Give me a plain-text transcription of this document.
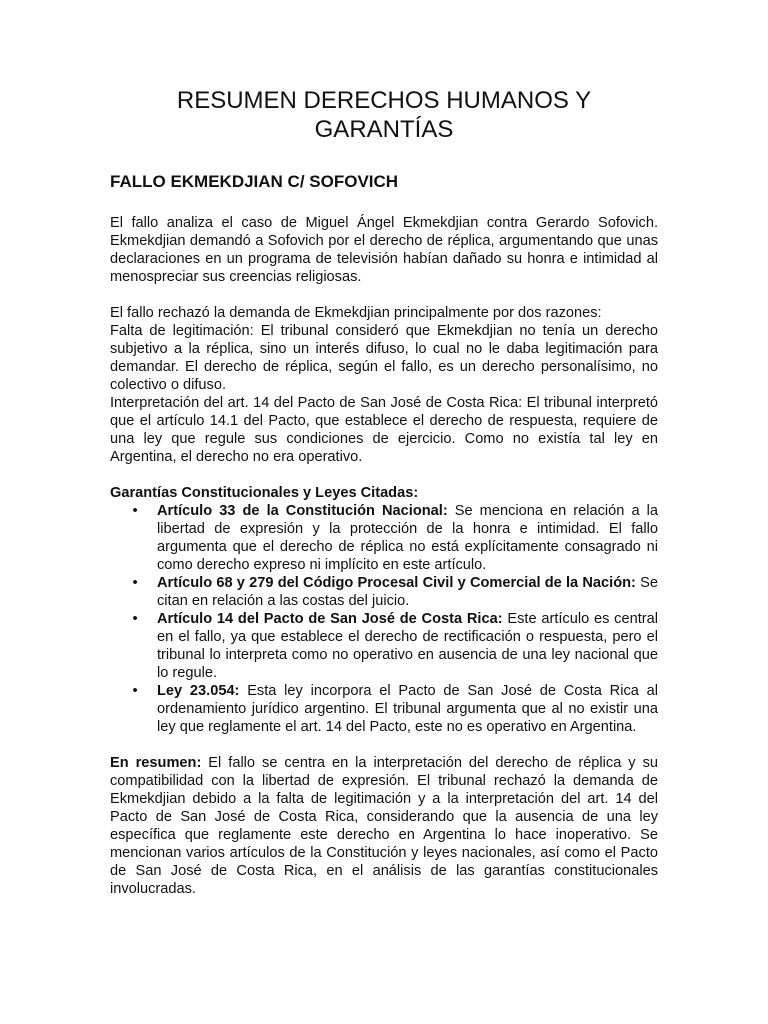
RESUMEN DERECHOS HUMANOS Y GARANTÍAS
FALLO EKMEKDJIAN C/ SOFOVICH

El fallo analiza el caso de Miguel Ángel Ekmekdjian contra Gerardo Sofovich. Ekmekdjian demandó a Sofovich por el derecho de réplica, argumentando que unas declaraciones en un programa de televisión habían dañado su honra e intimidad al menospreciar sus creencias religiosas.

El fallo rechazó la demanda de Ekmekdjian principalmente por dos razones:

Falta de legitimación: El tribunal consideró que Ekmekdjian no tenía un derecho subjetivo a la réplica, sino un interés difuso, lo cual no le daba legitimación para demandar. El derecho de réplica, según el fallo, es un derecho personalísimo, no colectivo o difuso.

Interpretación del art. 14 del Pacto de San José de Costa Rica: El tribunal interpretó que el artículo 14.1 del Pacto, que establece el derecho de respuesta, requiere de una ley que regule sus condiciones de ejercicio. Como no existía tal ley en Argentina, el derecho no era operativo.

Garantías Constitucionales y Leyes Citadas:

• Artículo 33 de la Constitución Nacional: Se menciona en relación a la libertad de expresión y la protección de la honra e intimidad. El fallo argumenta que el derecho de réplica no está explícitamente consagrado ni como derecho expreso ni implícito en este artículo.
• Artículo 68 y 279 del Código Procesal Civil y Comercial de la Nación: Se citan en relación a las costas del juicio.
• Artículo 14 del Pacto de San José de Costa Rica: Este artículo es central en el fallo, ya que establece el derecho de rectificación o respuesta, pero el tribunal lo interpreta como no operativo en ausencia de una ley nacional que lo regule.
• Ley 23.054: Esta ley incorpora el Pacto de San José de Costa Rica al ordenamiento jurídico argentino. El tribunal argumenta que al no existir una ley que reglamente el art. 14 del Pacto, este no es operativo en Argentina.

En resumen: El fallo se centra en la interpretación del derecho de réplica y su compatibilidad con la libertad de expresión. El tribunal rechazó la demanda de Ekmekdjian debido a la falta de legitimación y a la interpretación del art. 14 del Pacto de San José de Costa Rica, considerando que la ausencia de una ley específica que reglamente este derecho en Argentina lo hace inoperativo. Se mencionan varios artículos de la Constitución y leyes nacionales, así como el Pacto de San José de Costa Rica, en el análisis de las garantías constitucionales involucradas.
